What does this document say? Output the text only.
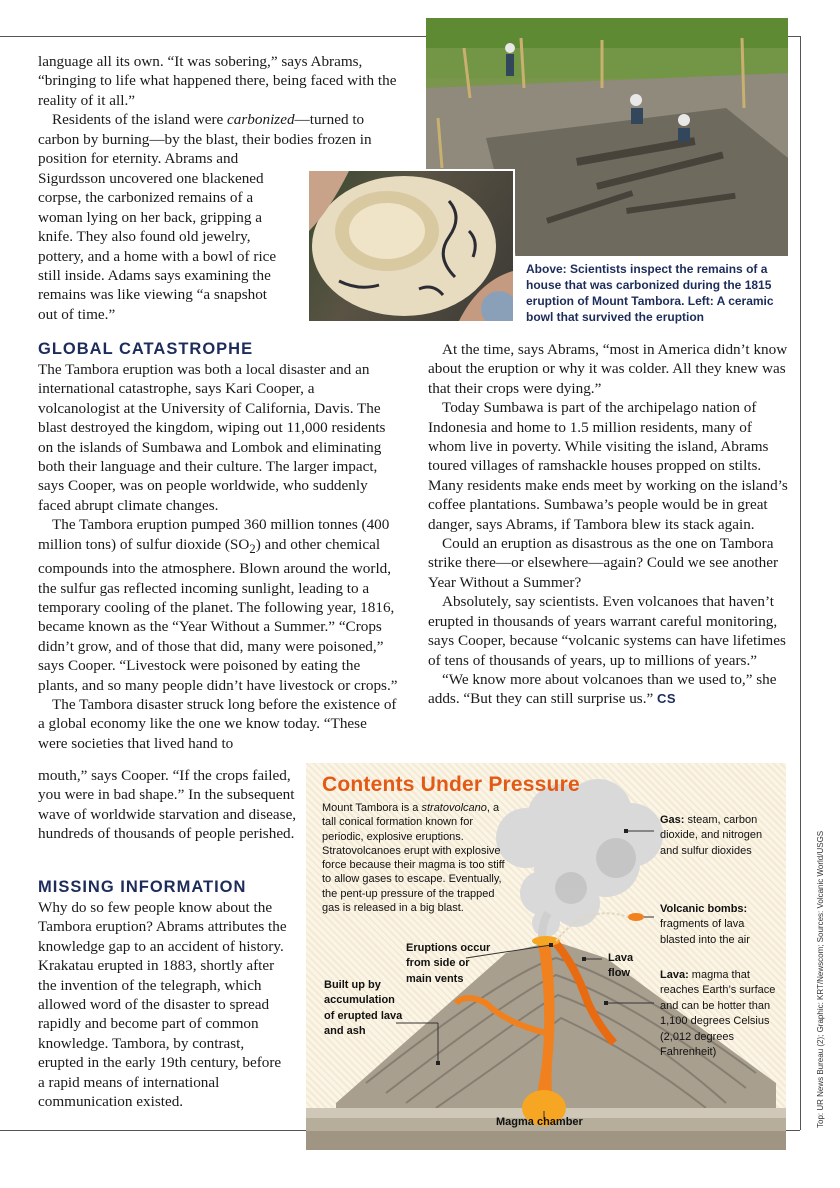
Above: Scientists inspect the remains of a house that was carbonized during the 1815 eruption of Mount Tambora. Left: A ceramic bowl that survived the eruption

language all its own. “It was sobering,” says Abrams, “bringing to life what happened there, being faced with the reality of it all.”

Residents of the island were carbonized—turned to carbon by burning—by the blast, their bodies frozen in position for eternity. Abrams and

Sigurdsson uncovered one blackened corpse, the carbonized remains of a woman lying on her back, gripping a knife. They also found old jewelry, pottery, and a home with a bowl of rice still inside. Adams says examining the remains was like viewing “a snapshot out of time.”

GLOBAL CATASTROPHE

The Tambora eruption was both a local disaster and an international catastrophe, says Kari Cooper, a volcanologist at the University of California, Davis. The blast destroyed the kingdom, wiping out 11,000 residents on the islands of Sumbawa and Lombok and eliminating both their language and their culture. The larger impact, says Cooper, was on people worldwide, who suddenly faced abrupt climate changes.

The Tambora eruption pumped 360 million tonnes (400 million tons) of sulfur dioxide $(SO_2)$ and other chemical compounds into the atmosphere. Blown around the world, the sulfur gas reflected incoming sunlight, leading to a temporary cooling of the planet. The following year, 1816, became known as the “Year Without a Summer.” “Crops didn’t grow, and of those that did, many were poisoned,” says Cooper. “Livestock were poisoned by eating the plants, and so many people didn’t have livestock or crops.”

The Tambora disaster struck long before the existence of a global economy like the one we know today. “These were societies that lived hand to

mouth,” says Cooper. “If the crops failed, you were in bad shape.” In the subsequent wave of worldwide starvation and disease, hundreds of thousands of people perished.

MISSING INFORMATION

Why do so few people know about the Tambora eruption? Abrams attributes the knowledge gap to an accident of history. Krakatau erupted in 1883, shortly after the invention of the telegraph, which allowed word of the disaster to spread rapidly and become part of common knowledge. Tambora, by contrast, erupted in the early 19th century, before a rapid means of international communication existed.

At the time, says Abrams, “most in America didn’t know about the eruption or why it was colder. All they knew was that their crops were dying.”

Today Sumbawa is part of the archipelago nation of Indonesia and home to 1.5 million residents, many of whom live in poverty. While visiting the island, Abrams toured villages of ramshackle houses propped on stilts. Many residents make ends meet by working on the island’s coffee plantations. Sumbawa’s people would be in great danger, says Abrams, if Tambora blew its stack again.

Could an eruption as disastrous as the one on Tambora strike there—or elsewhere—again? Could we see another Year Without a Summer?

Absolutely, say scientists. Even volcanoes that haven’t erupted in thousands of years warrant careful monitoring, says Cooper, because “volcanic systems can have lifetimes of tens of thousands of years, up to millions of years.”

“We know more about volcanoes than we used to,” she adds. “But they can still surprise us.” CS

Contents Under Pressure
Mount Tambora is a stratovolcano, a tall conical formation known for periodic, explosive eruptions. Stratovolcanoes erupt with explosive force because their magma is too stiff to allow gases to escape. Eventually, the pent-up pressure of the trapped gas is released in a big blast.
Gas: steam, carbon dioxide, and nitrogen and sulfur dioxides
Volcanic bombs:
fragments of lava blasted into the air
Eruptions occur from side or main vents
Lava flow	Lava: magma that reaches Earth’s surface and can be hotter than 1,100 degrees Celsius (2,012 degrees Fahrenheit)
Built up by accumulation of erupted lava and ash
Magma chamber	Top: UR News Bureau (2); Graphic: KRT/Newscom; Sources: Volcanic World/USGS
